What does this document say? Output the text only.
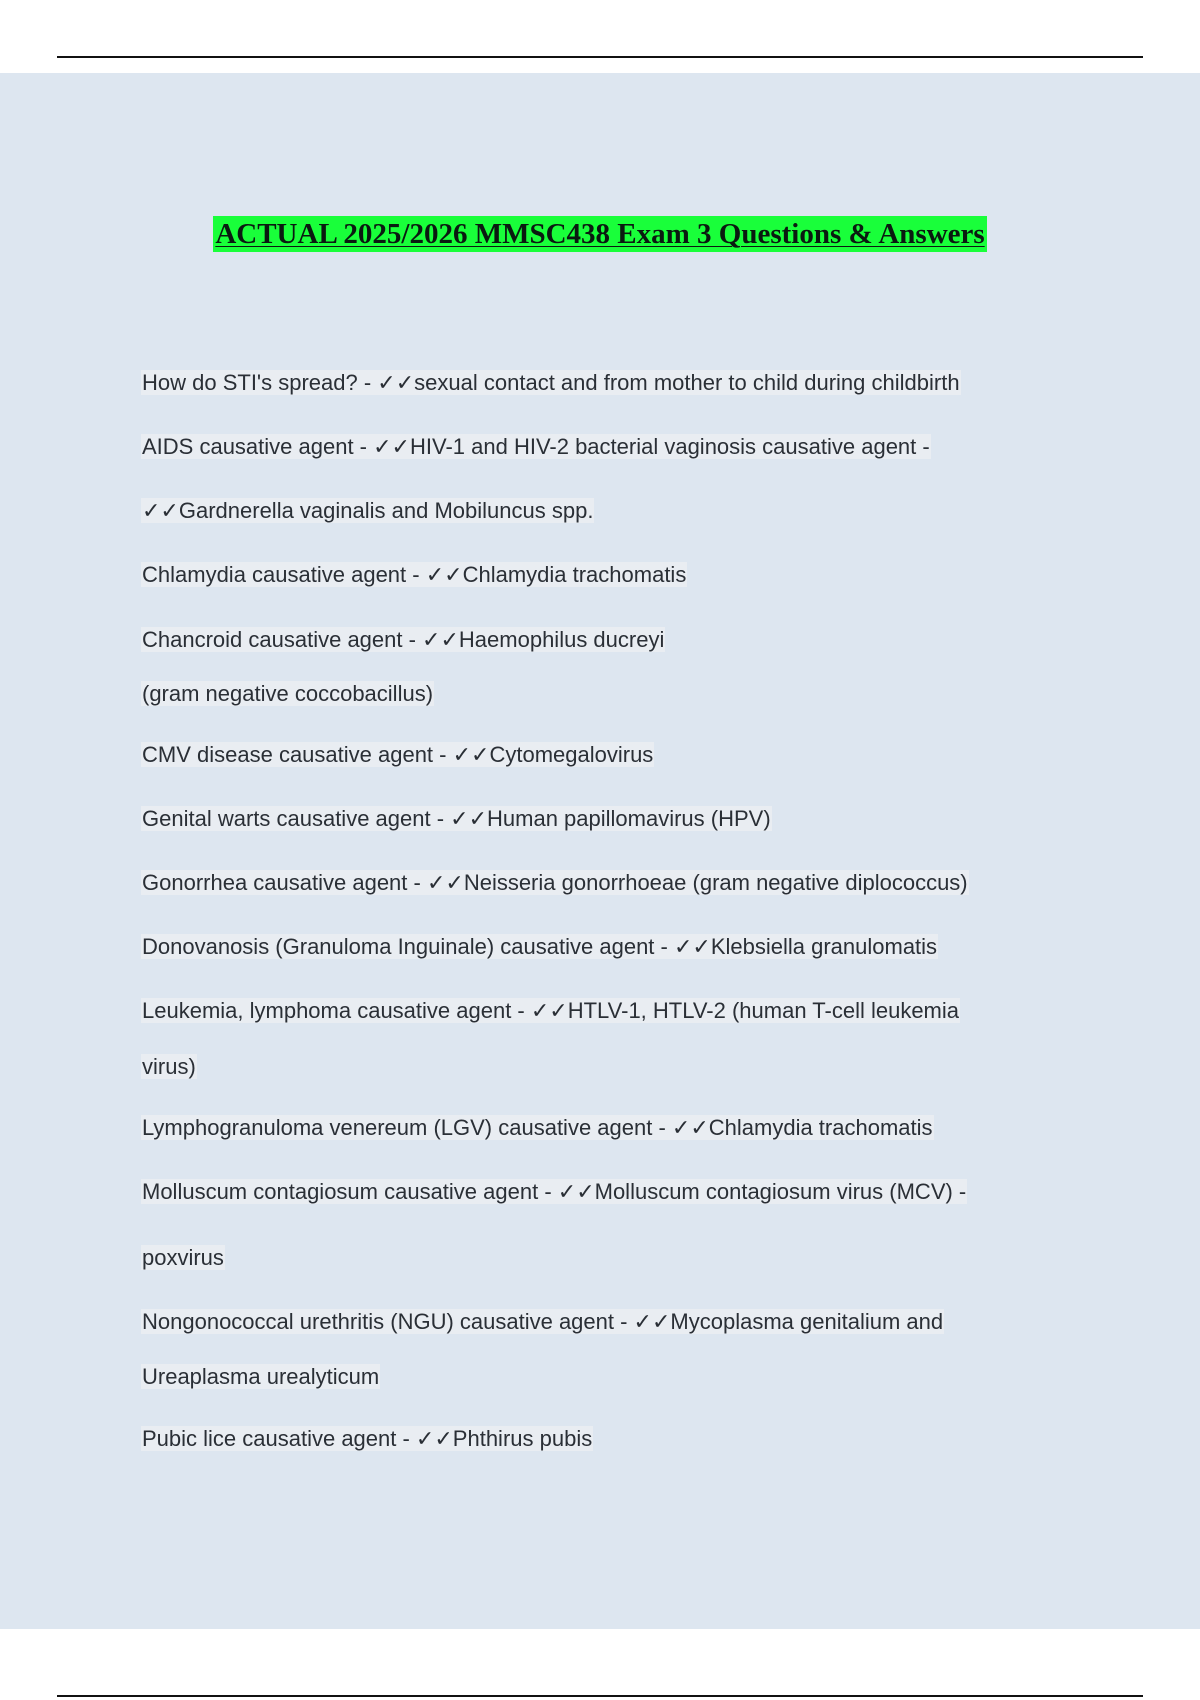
ACTUAL 2025/2026 MMSC438 Exam 3 Questions & Answers
How do STI's spread? - ✓✓sexual contact and from mother to child during childbirth
AIDS causative agent - ✓✓HIV-1 and HIV-2 bacterial vaginosis causative agent -
✓✓Gardnerella vaginalis and Mobiluncus spp.
Chlamydia causative agent - ✓✓Chlamydia trachomatis
Chancroid causative agent - ✓✓Haemophilus ducreyi
(gram negative coccobacillus)
CMV disease causative agent - ✓✓Cytomegalovirus
Genital warts causative agent - ✓✓Human papillomavirus (HPV)
Gonorrhea causative agent - ✓✓Neisseria gonorrhoeae (gram negative diplococcus)
Donovanosis (Granuloma Inguinale) causative agent - ✓✓Klebsiella granulomatis
Leukemia, lymphoma causative agent - ✓✓HTLV-1, HTLV-2 (human T-cell leukemia
virus)
Lymphogranuloma venereum (LGV) causative agent - ✓✓Chlamydia trachomatis
Molluscum contagiosum causative agent - ✓✓Molluscum contagiosum virus (MCV) -
poxvirus
Nongonococcal urethritis (NGU) causative agent - ✓✓Mycoplasma genitalium and
Ureaplasma urealyticum
Pubic lice causative agent - ✓✓Phthirus pubis
